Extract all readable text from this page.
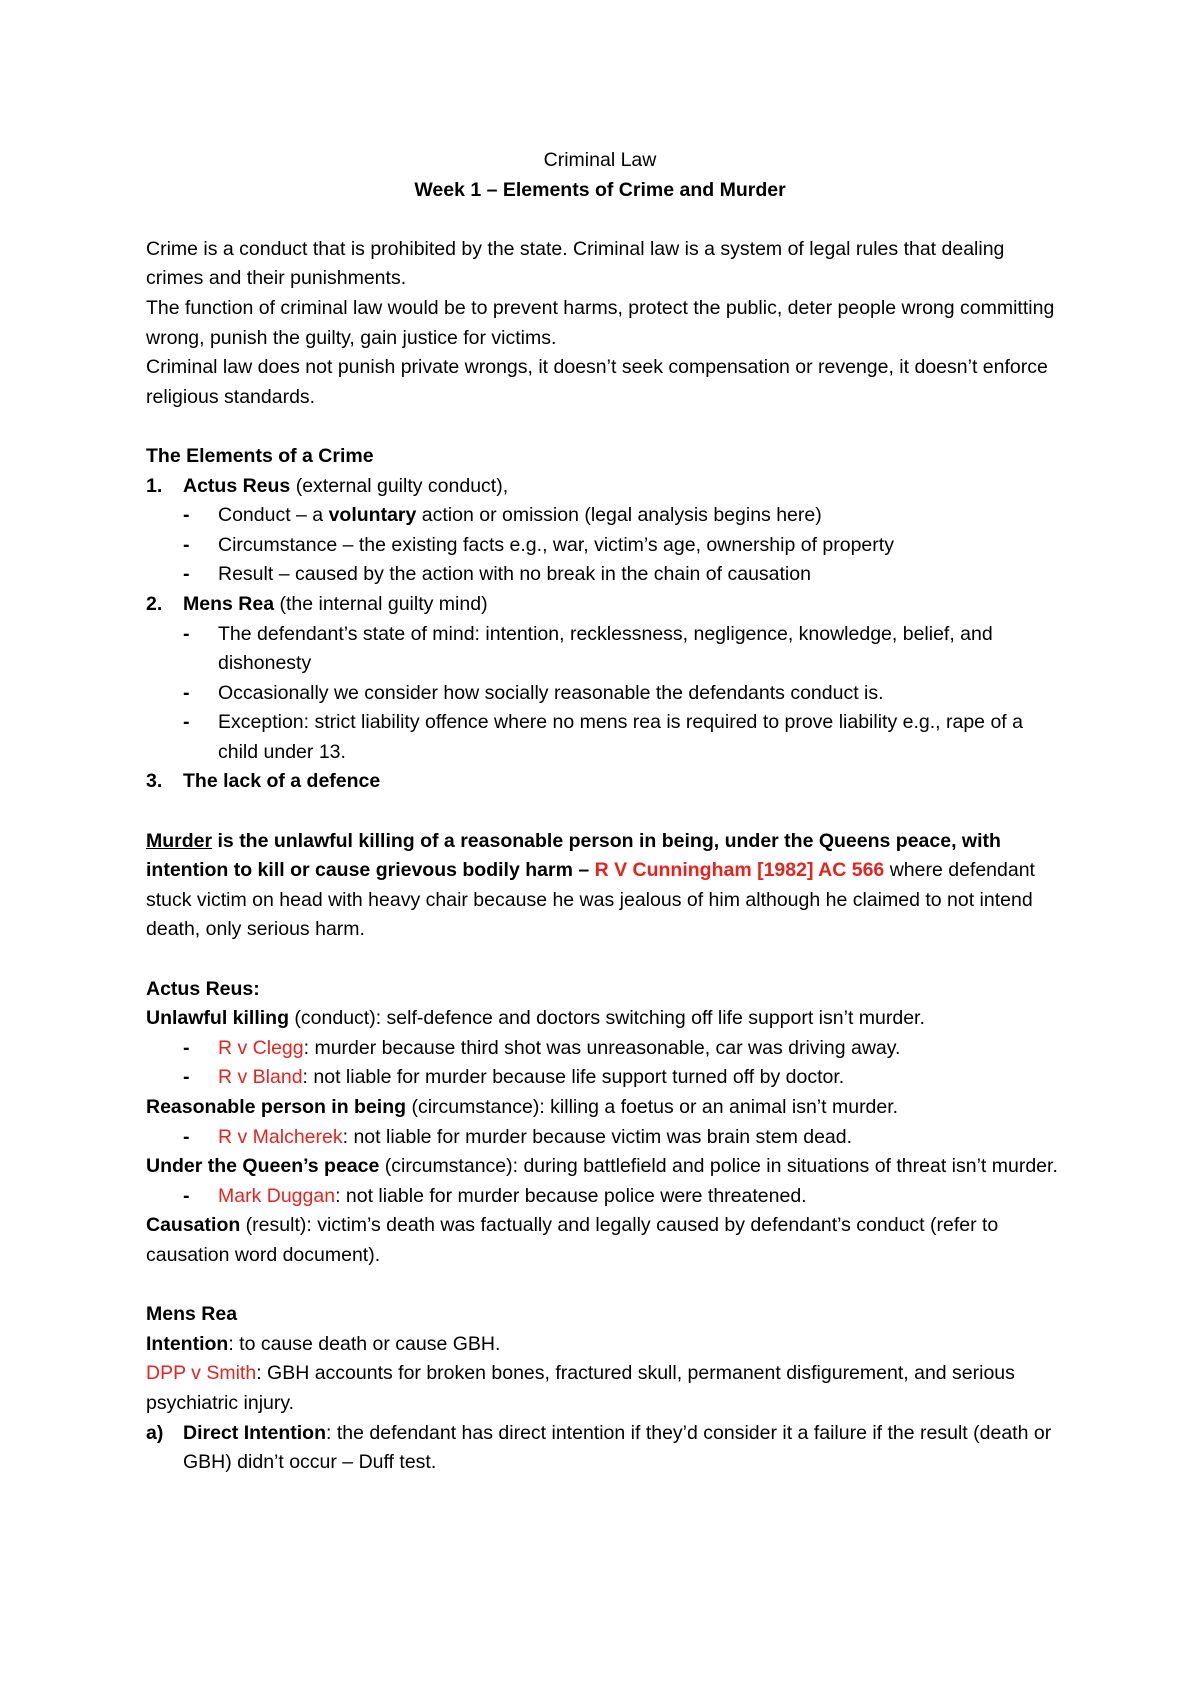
Criminal Law

Week 1 – Elements of Crime and Murder

Crime is a conduct that is prohibited by the state. Criminal law is a system of legal rules that dealing crimes and their punishments.

The function of criminal law would be to prevent harms, protect the public, deter people wrong committing wrong, punish the guilty, gain justice for victims.

Criminal law does not punish private wrongs, it doesn’t seek compensation or revenge, it doesn’t enforce religious standards.

The Elements of a Crime

1.	Actus Reus (external guilty conduct),
-	Conduct – a voluntary action or omission (legal analysis begins here)
-	Circumstance – the existing facts e.g., war, victim’s age, ownership of property
-	Result – caused by the action with no break in the chain of causation
2.	Mens Rea (the internal guilty mind)
-	The defendant’s state of mind: intention, recklessness, negligence, knowledge, belief, and dishonesty
-	Occasionally we consider how socially reasonable the defendants conduct is.
-	Exception: strict liability offence where no mens rea is required to prove liability e.g., rape of a child under 13.
3.	The lack of a defence

Murder is the unlawful killing of a reasonable person in being, under the Queens peace, with intention to kill or cause grievous bodily harm – R V Cunningham [1982] AC 566 where defendant stuck victim on head with heavy chair because he was jealous of him although he claimed to not intend death, only serious harm.

Actus Reus:

Unlawful killing (conduct): self-defence and doctors switching off life support isn’t murder.

-	R v Clegg: murder because third shot was unreasonable, car was driving away.
-	R v Bland: not liable for murder because life support turned off by doctor.

Reasonable person in being (circumstance): killing a foetus or an animal isn’t murder.

-	R v Malcherek: not liable for murder because victim was brain stem dead.

Under the Queen’s peace (circumstance): during battlefield and police in situations of threat isn’t murder.

-	Mark Duggan: not liable for murder because police were threatened.

Causation (result): victim’s death was factually and legally caused by defendant’s conduct (refer to causation word document).

Mens Rea

Intention: to cause death or cause GBH.

DPP v Smith: GBH accounts for broken bones, fractured skull, permanent disfigurement, and serious psychiatric injury.

a)	Direct Intention: the defendant has direct intention if they’d consider it a failure if the result (death or GBH) didn’t occur – Duff test.
